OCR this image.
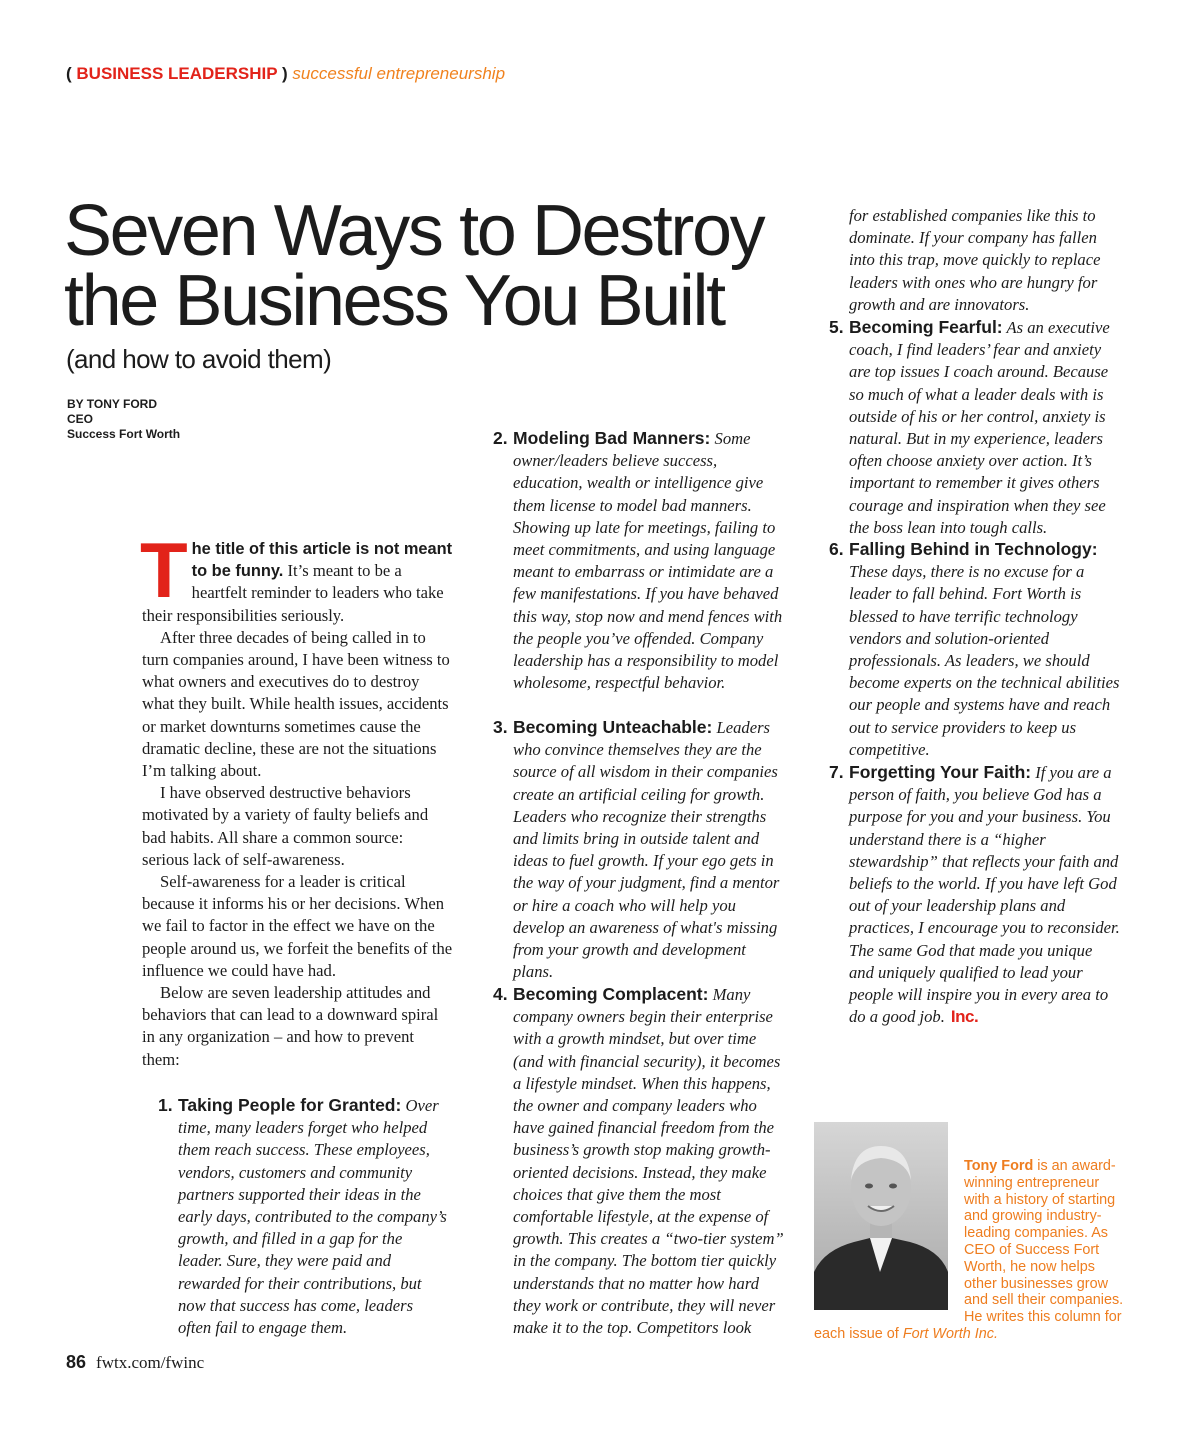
( BUSINESS LEADERSHIP ) successful entrepreneurship
Seven Ways to Destroy
the Business You Built
(and how to avoid them)
BY TONY FORD
CEO
Success Fort Worth

The title of this article is not meant to be funny. It’s meant to be a heartfelt reminder to leaders who take their responsibilities seriously.

After three decades of being called in to turn companies around, I have been witness to what owners and executives do to destroy what they built. While health issues, accidents or market downturns sometimes cause the dramatic decline, these are not the situations I’m talking about.

I have observed destructive behaviors motivated by a variety of faulty beliefs and bad habits. All share a common source: serious lack of self-awareness.

Self-awareness for a leader is critical because it informs his or her decisions. When we fail to factor in the effect we have on the people around us, we forfeit the benefits of the influence we could have had.

Below are seven leadership attitudes and behaviors that can lead to a downward spiral in any organization – and how to prevent them:

1. Taking People for Granted: Over time, many leaders forget who helped them reach success. These employees, vendors, customers and community partners supported their ideas in the early days, contributed to the company’s growth, and filled in a gap for the leader. Sure, they were paid and rewarded for their contributions, but now that success has come, leaders often fail to engage them.
2. Modeling Bad Manners: Some owner/leaders believe success, education, wealth or intelligence give them license to model bad manners. Showing up late for meetings, failing to meet commitments, and using language meant to embarrass or intimidate are a few manifestations. If you have behaved this way, stop now and mend fences with the people you’ve offended. Company leadership has a responsibility to model wholesome, respectful behavior.
3. Becoming Unteachable: Leaders who convince themselves they are the source of all wisdom in their companies create an artificial ceiling for growth. Leaders who recognize their strengths and limits bring in outside talent and ideas to fuel growth. If your ego gets in the way of your judgment, find a mentor or hire a coach who will help you develop an awareness of what's missing from your growth and development plans.
4. Becoming Complacent: Many company owners begin their enterprise with a growth mindset, but over time (and with financial security), it becomes a lifestyle mindset. When this happens, the owner and company leaders who have gained financial freedom from the business’s growth stop making growth-oriented decisions. Instead, they make choices that give them the most comfortable lifestyle, at the expense of growth. This creates a “two-tier system” in the company. The bottom tier quickly understands that no matter how hard they work or contribute, they will never make it to the top. Competitors look
for established companies like this to dominate. If your company has fallen into this trap, move quickly to replace leaders with ones who are hungry for growth and are innovators.
5. Becoming Fearful: As an executive coach, I find leaders’ fear and anxiety are top issues I coach around. Because so much of what a leader deals with is outside of his or her control, anxiety is natural. But in my experience, leaders often choose anxiety over action. It’s important to remember it gives others courage and inspiration when they see the boss lean into tough calls.
6. Falling Behind in Technology: These days, there is no excuse for a leader to fall behind. Fort Worth is blessed to have terrific technology vendors and solution-oriented professionals. As leaders, we should become experts on the technical abilities our people and systems have and reach out to service providers to keep us competitive.
7. Forgetting Your Faith: If you are a person of faith, you believe God has a purpose for you and your business. You understand there is a “higher stewardship” that reflects your faith and beliefs to the world. If you have left God out of your leadership plans and practices, I encourage you to reconsider. The same God that made you unique and uniquely qualified to lead your people will inspire you in every area to do a good job. Inc.
Tony Ford is an award-winning entrepreneur with a history of starting and growing industry-leading companies. As CEO of Success Fort Worth, he now helps other businesses grow and sell their companies. He writes this column for each issue of Fort Worth Inc.
86 fwtx.com/fwinc
